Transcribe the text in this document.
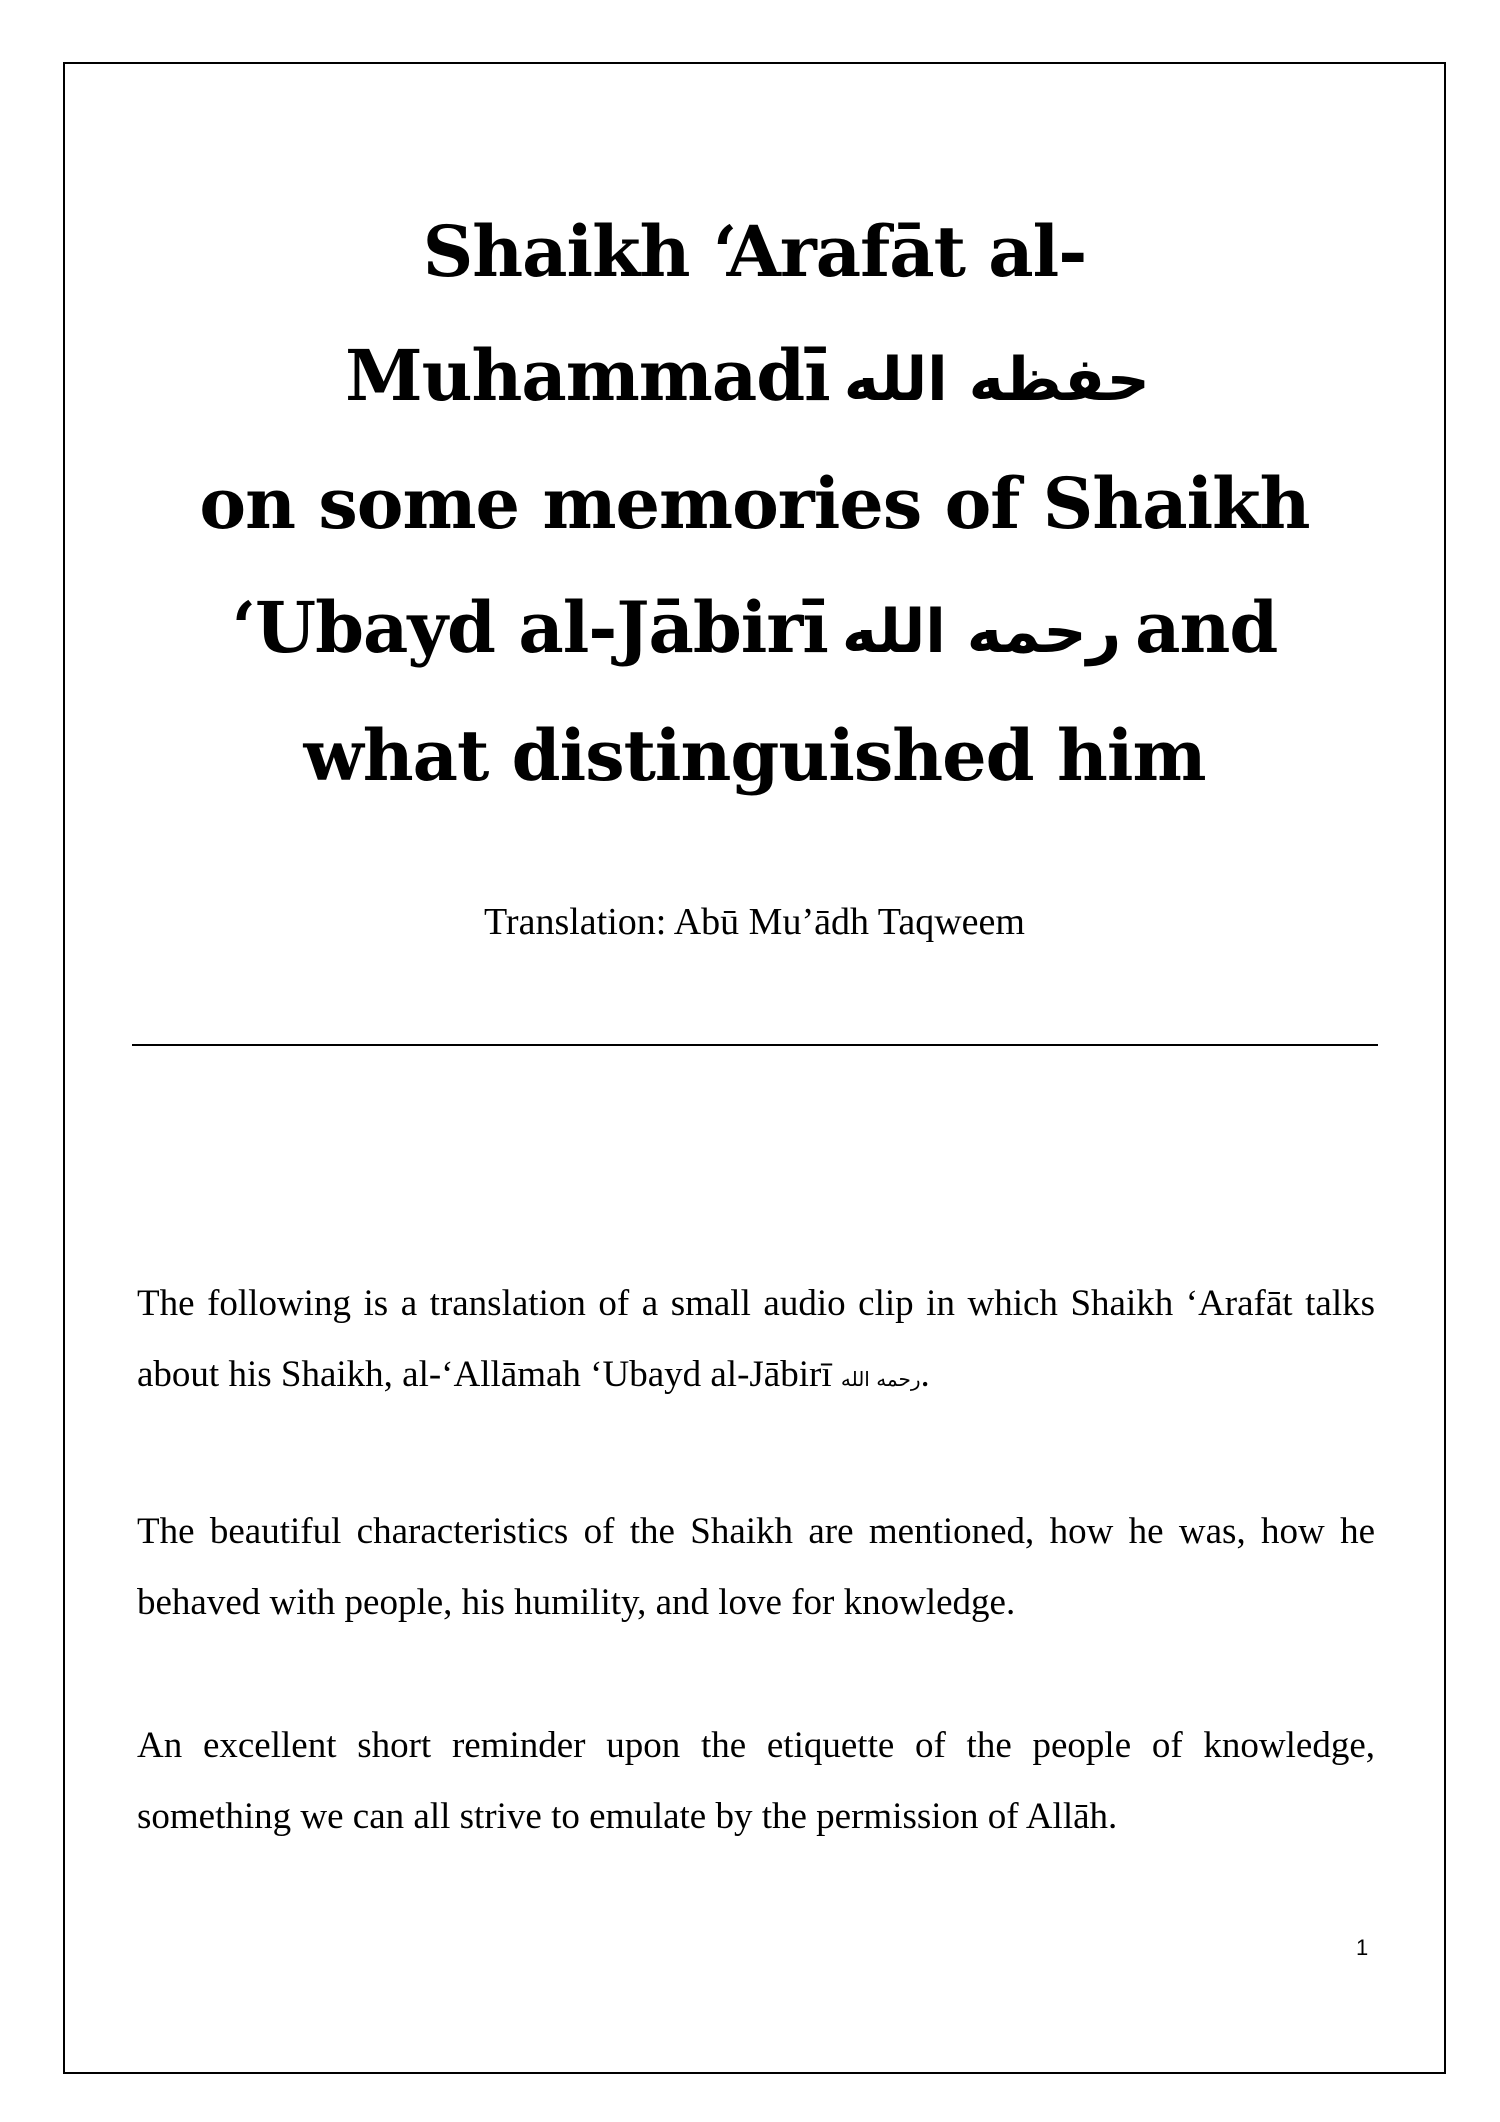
Shaikh ‘Arafāt al-
Muhammadī حفظه الله
on some memories of Shaikh
‘Ubayd al-Jābirī رحمه الله and
what distinguished him
Translation: Abū Mu’ādh Taqweem

The following is a translation of a small audio clip in which Shaikh ‘Arafāt talks about his Shaikh, al-‘Allāmah ‘Ubayd al-Jābirī رحمه الله.

The beautiful characteristics of the Shaikh are mentioned, how he was, how he behaved with people, his humility, and love for knowledge.

An excellent short reminder upon the etiquette of the people of knowledge, something we can all strive to emulate by the permission of Allāh.

1
